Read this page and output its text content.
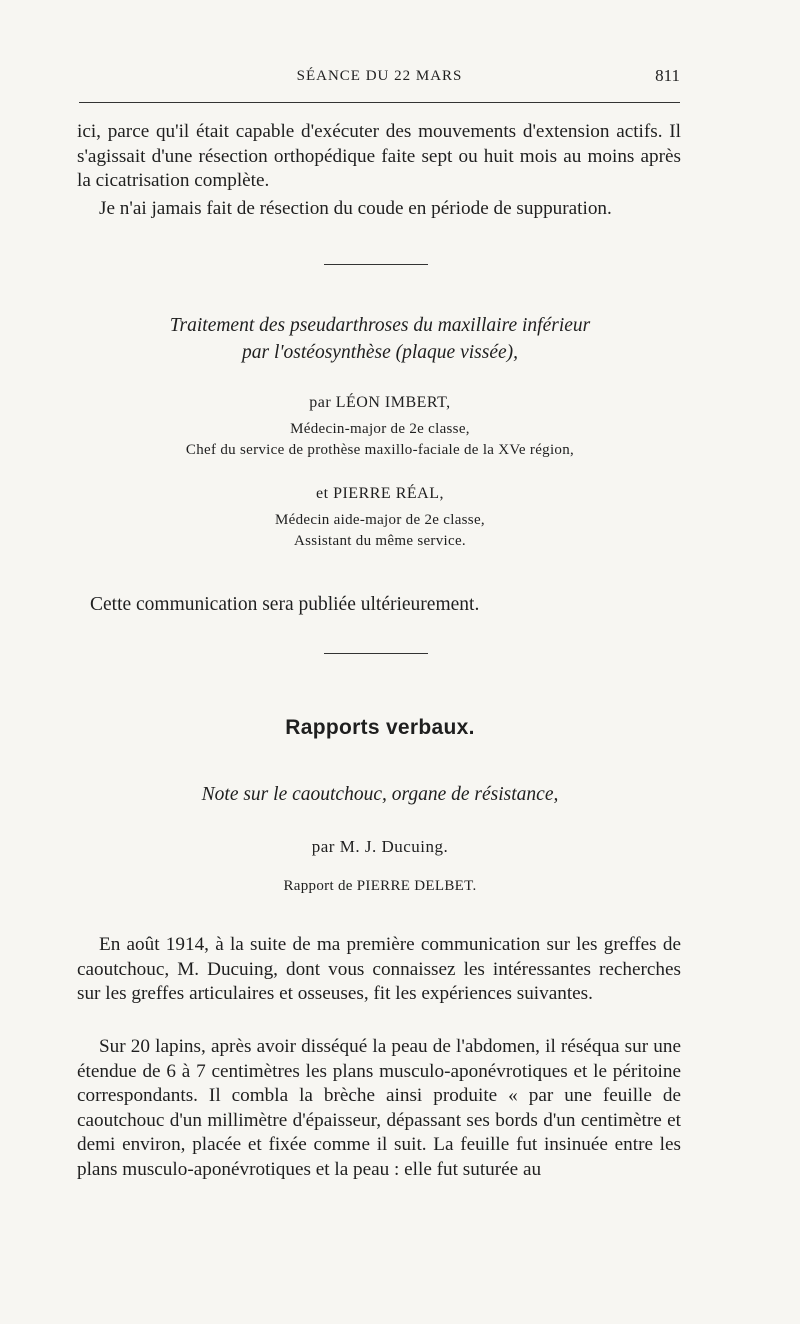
SÉANCE DU 22 MARS	811
ici, parce qu'il était capable d'exécuter des mouvements d'extension actifs. Il s'agissait d'une résection orthopédique faite sept ou huit mois au moins après la cicatrisation complète.
Je n'ai jamais fait de résection du coude en période de suppuration.
Traitement des pseudarthroses du maxillaire inférieur
par l'ostéosynthèse (plaque vissée),
par LÉON IMBERT,
Médecin-major de 2e classe,
Chef du service de prothèse maxillo-faciale de la XVe région,
et PIERRE RÉAL,
Médecin aide-major de 2e classe,
Assistant du même service.
Cette communication sera publiée ultérieurement.
Rapports verbaux.
Note sur le caoutchouc, organe de résistance,
par M. J. Ducuing.
Rapport de PIERRE DELBET.
En août 1914, à la suite de ma première communication sur les greffes de caoutchouc, M. Ducuing, dont vous connaissez les intéressantes recherches sur les greffes articulaires et osseuses, fit les expériences suivantes.
Sur 20 lapins, après avoir disséqué la peau de l'abdomen, il réséqua sur une étendue de 6 à 7 centimètres les plans musculo-aponévrotiques et le péritoine correspondants. Il combla la brèche ainsi produite « par une feuille de caoutchouc d'un millimètre d'épaisseur, dépassant ses bords d'un centimètre et demi environ, placée et fixée comme il suit. La feuille fut insinuée entre les plans musculo-aponévrotiques et la peau : elle fut suturée au
